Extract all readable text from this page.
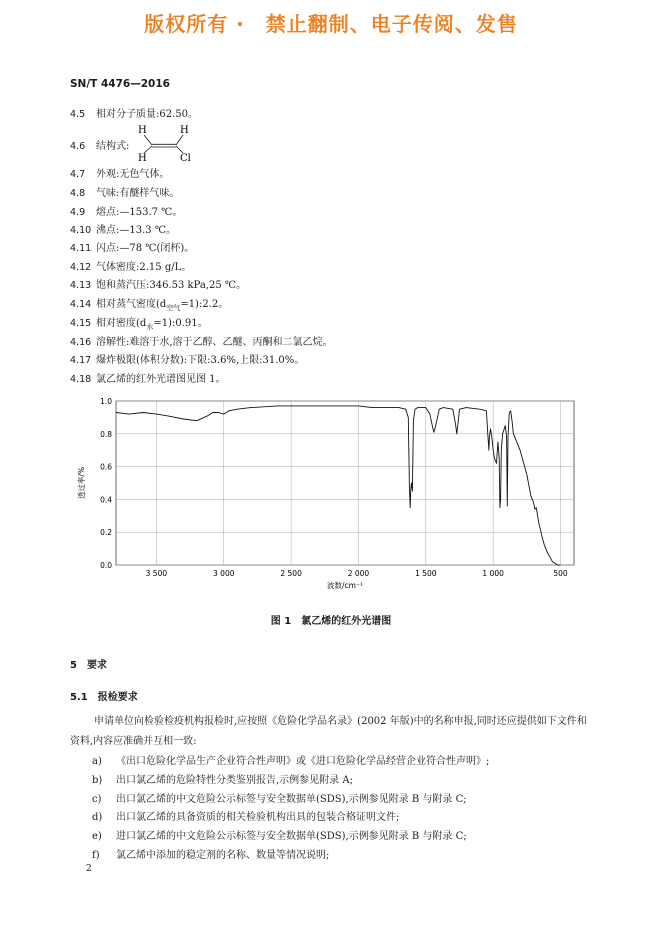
版权所有 ·　禁止翻制、电子传阅、发售

SN/T 4476—2016

4.5 相对分子质量:62.50。

4.6 结构式:

H	H
H	Cl

4.7 外观:无色气体。

4.8 气味:有醚样气味。

4.9 熔点:—153.7 ℃。

4.10 沸点:—13.3 ℃。

4.11 闪点:—78 ℃(闭杯)。

4.12 气体密度:2.15 g/L。

4.13 饱和蒸汽压:346.53 kPa,25 ℃。

4.14 相对蒸气密度$(d_{空气}=1):2.2$。

4.15 相对密度$(d_水=1):0.91$。

4.16 溶解性:难溶于水,溶于乙醇、乙醚、丙酮和二氯乙烷。

4.17 爆炸极限(体积分数):下限:3.6%,上限:31.0%。

4.18 氯乙烯的红外光谱图见图 1。

0.0
0.2
0.4
0.6
0.8
1.0
3 500	3 000	2 500	2 000	1 500	1 000	500
波数/cm⁻¹
透过率/%

图 1　氯乙烯的红外光谱图

5　要求

5.1　报检要求

申请单位向检验检疫机构报检时,应按照《危险化学品名录》(2002 年版)中的名称申报,同时还应提供如下文件和资料,内容应准确并互相一致:

a) 《出口危险化学品生产企业符合性声明》或《进口危险化学品经营企业符合性声明》;

b) 出口氯乙烯的危险特性分类鉴别报告,示例参见附录 A;

c) 出口氯乙烯的中文危险公示标签与安全数据单(SDS),示例参见附录 B 与附录 C;

d) 出口氯乙烯的具备资质的相关检验机构出具的包装合格证明文件;

e) 进口氯乙烯的中文危险公示标签与安全数据单(SDS),示例参见附录 B 与附录 C;

f) 氯乙烯中添加的稳定剂的名称、数量等情况说明;

2
